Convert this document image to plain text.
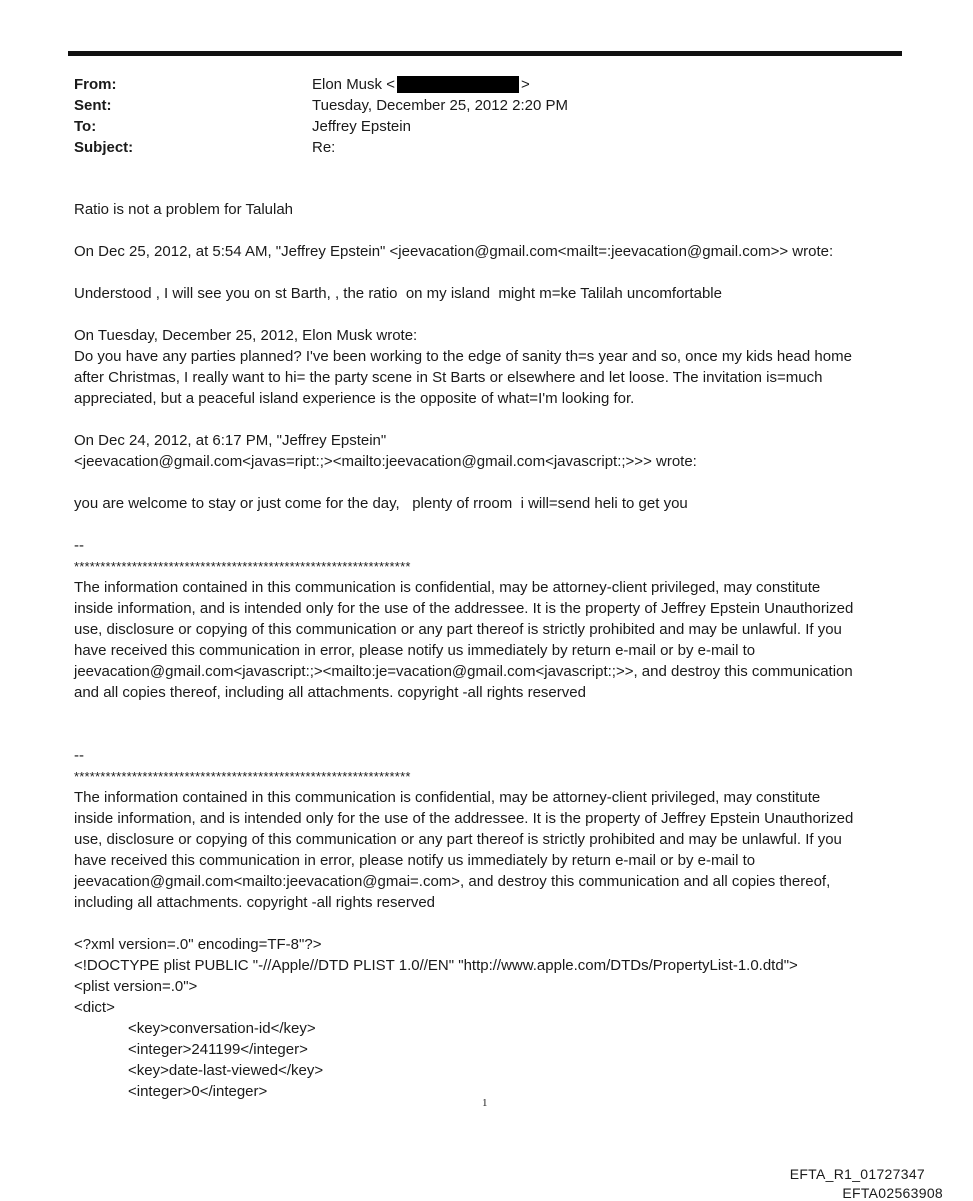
From:	Elon Musk <	>
Sent:	Tuesday, December 25, 2012 2:20 PM
To:	Jeffrey Epstein
Subject:	Re:

Ratio is not a problem for Talulah

On Dec 25, 2012, at 5:54 AM, "Jeffrey Epstein" <jeevacation@gmail.com<mailt=:jeevacation@gmail.com>> wrote:

Understood , I will see you on st Barth, , the ratio  on my island  might m=ke Talilah uncomfortable

On Tuesday, December 25, 2012, Elon Musk wrote:

Do you have any parties planned? I've been working to the edge of sanity th=s year and so, once my kids head home

after Christmas, I really want to hi= the party scene in St Barts or elsewhere and let loose. The invitation is=much

appreciated, but a peaceful island experience is the opposite of what=I'm looking for.

On Dec 24, 2012, at 6:17 PM, "Jeffrey Epstein"

<jeevacation@gmail.com<javas=ript:;><mailto:jeevacation@gmail.com<javascript:;>>> wrote:

you are welcome to stay or just come for the day,   plenty of rroom  i will=send heli to get you

--

****************************************************************

The information contained in this communication is confidential, may be attorney-client privileged, may constitute

inside information, and is intended only for the use of the addressee. It is the property of Jeffrey Epstein Unauthorized

use, disclosure or copying of this communication or any part thereof is strictly prohibited and may be unlawful. If you

have received this communication in error, please notify us immediately by return e-mail or by e-mail to

jeevacation@gmail.com<javascript:;><mailto:je=vacation@gmail.com<javascript:;>>, and destroy this communication

and all copies thereof, including all attachments. copyright -all rights reserved

--

****************************************************************

The information contained in this communication is confidential, may be attorney-client privileged, may constitute

inside information, and is intended only for the use of the addressee. It is the property of Jeffrey Epstein Unauthorized

use, disclosure or copying of this communication or any part thereof is strictly prohibited and may be unlawful. If you

have received this communication in error, please notify us immediately by return e-mail or by e-mail to

jeevacation@gmail.com<mailto:jeevacation@gmai=.com>, and destroy this communication and all copies thereof,

including all attachments. copyright -all rights reserved

<?xml version=.0" encoding=TF-8"?>

<!DOCTYPE plist PUBLIC "-//Apple//DTD PLIST 1.0//EN" "http://www.apple.com/DTDs/PropertyList-1.0.dtd">

<plist version=.0">

<dict>

<key>conversation-id</key>

<integer>241199</integer>

<key>date-last-viewed</key>

<integer>0</integer>

1
EFTA_R1_01727347
EFTA02563908
